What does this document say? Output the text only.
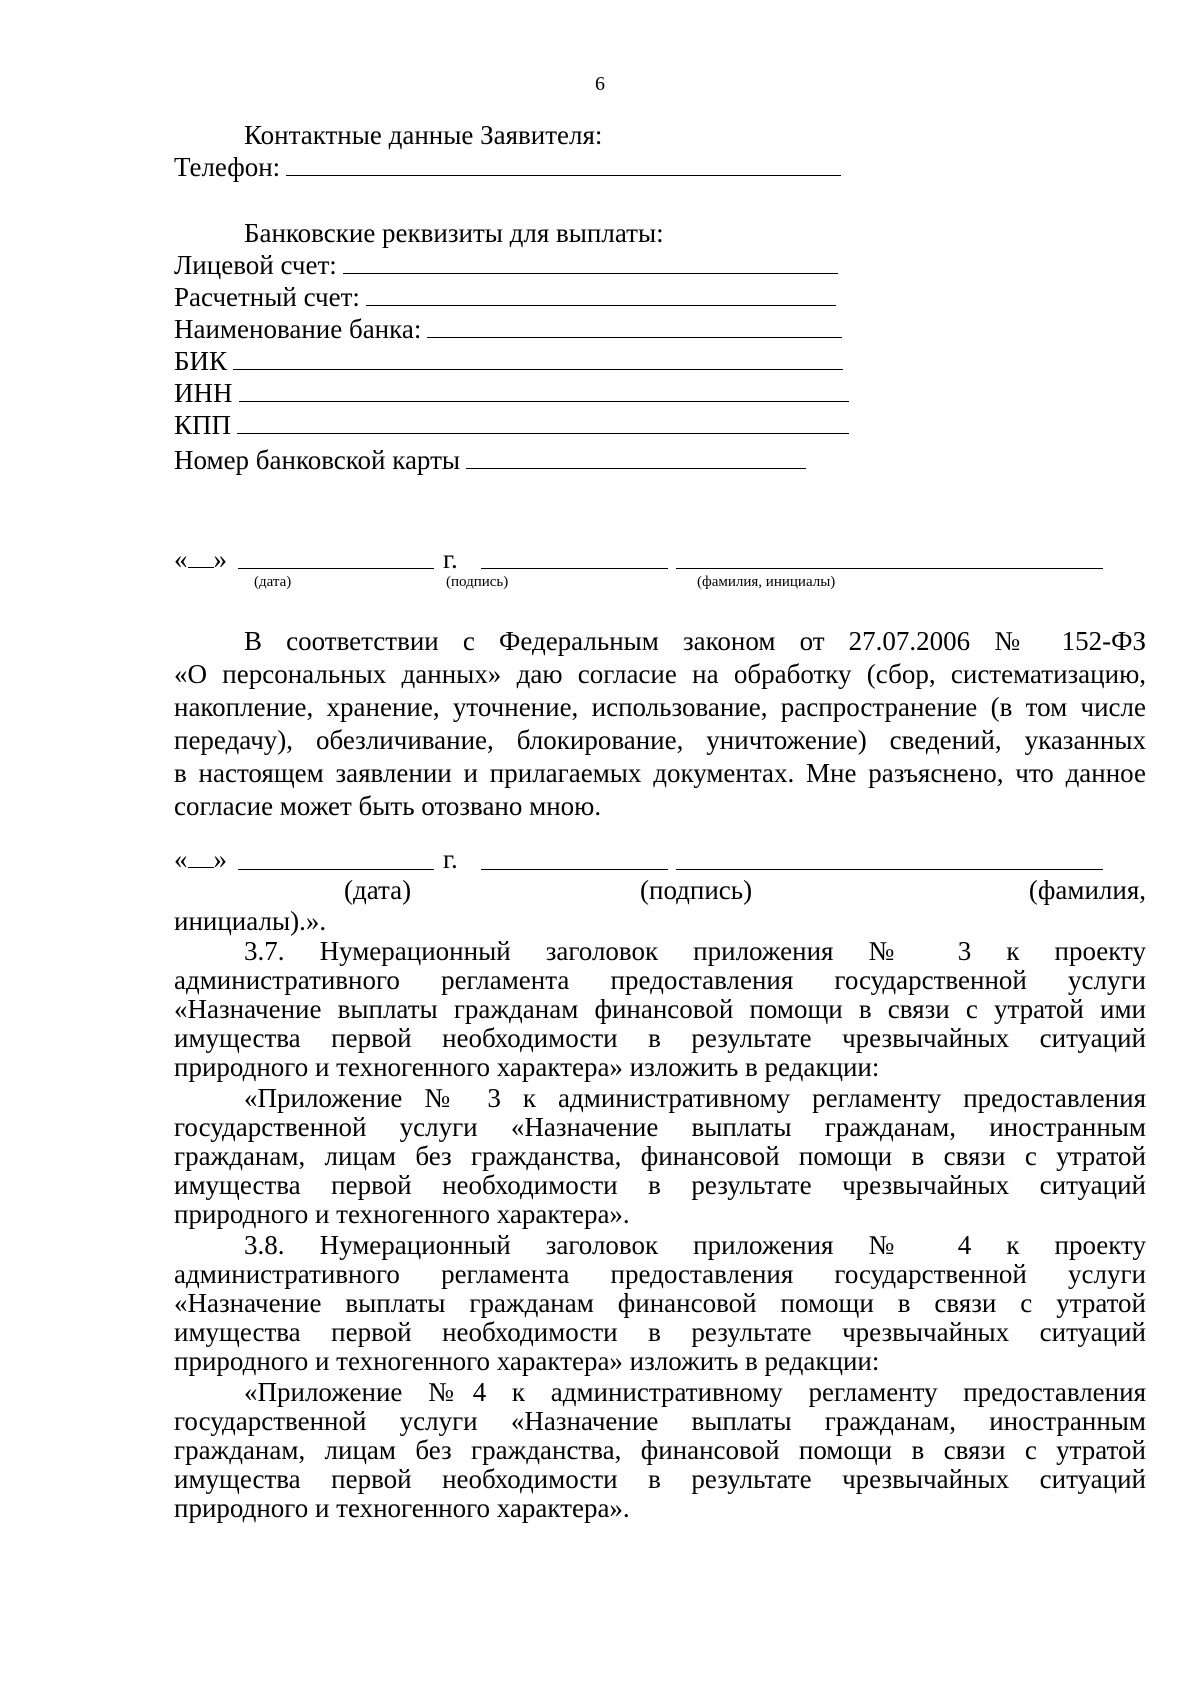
6
Контактные данные Заявителя:
Телефон:
Банковские реквизиты для выплаты:
Лицевой счет:
Расчетный счет:
Наименование банка:
БИК
ИНН
КПП
Номер банковской карты
« »	г.
(дата)	(подпись)	(фамилия, инициалы)
В соответствии с Федеральным законом от 27.07.2006 № 152-ФЗ
«О персональных данных» даю согласие на обработку (сбор, систематизацию,
накопление, хранение, уточнение, использование, распространение (в том числе
передачу), обезличивание, блокирование, уничтожение) сведений, указанных
в настоящем заявлении и прилагаемых документах. Мне разъяснено, что данное
согласие может быть отозвано мною.
« »	г.
(дата)	(подпись)	(фамилия,
инициалы).».
3.7. Нумерационный заголовок приложения № 3 к проекту
административного регламента предоставления государственной услуги
«Назначение выплаты гражданам финансовой помощи в связи с утратой ими
имущества первой необходимости в результате чрезвычайных ситуаций
природного и техногенного характера» изложить в редакции:
«Приложение № 3 к административному регламенту предоставления
государственной услуги «Назначение выплаты гражданам, иностранным
гражданам, лицам без гражданства, финансовой помощи в связи с утратой
имущества первой необходимости в результате чрезвычайных ситуаций
природного и техногенного характера».
3.8. Нумерационный заголовок приложения № 4 к проекту
административного регламента предоставления государственной услуги
«Назначение выплаты гражданам финансовой помощи в связи с утратой
имущества первой необходимости в результате чрезвычайных ситуаций
природного и техногенного характера» изложить в редакции:
«Приложение №4 к административному регламенту предоставления
государственной услуги «Назначение выплаты гражданам, иностранным
гражданам, лицам без гражданства, финансовой помощи в связи с утратой
имущества первой необходимости в результате чрезвычайных ситуаций
природного и техногенного характера».
